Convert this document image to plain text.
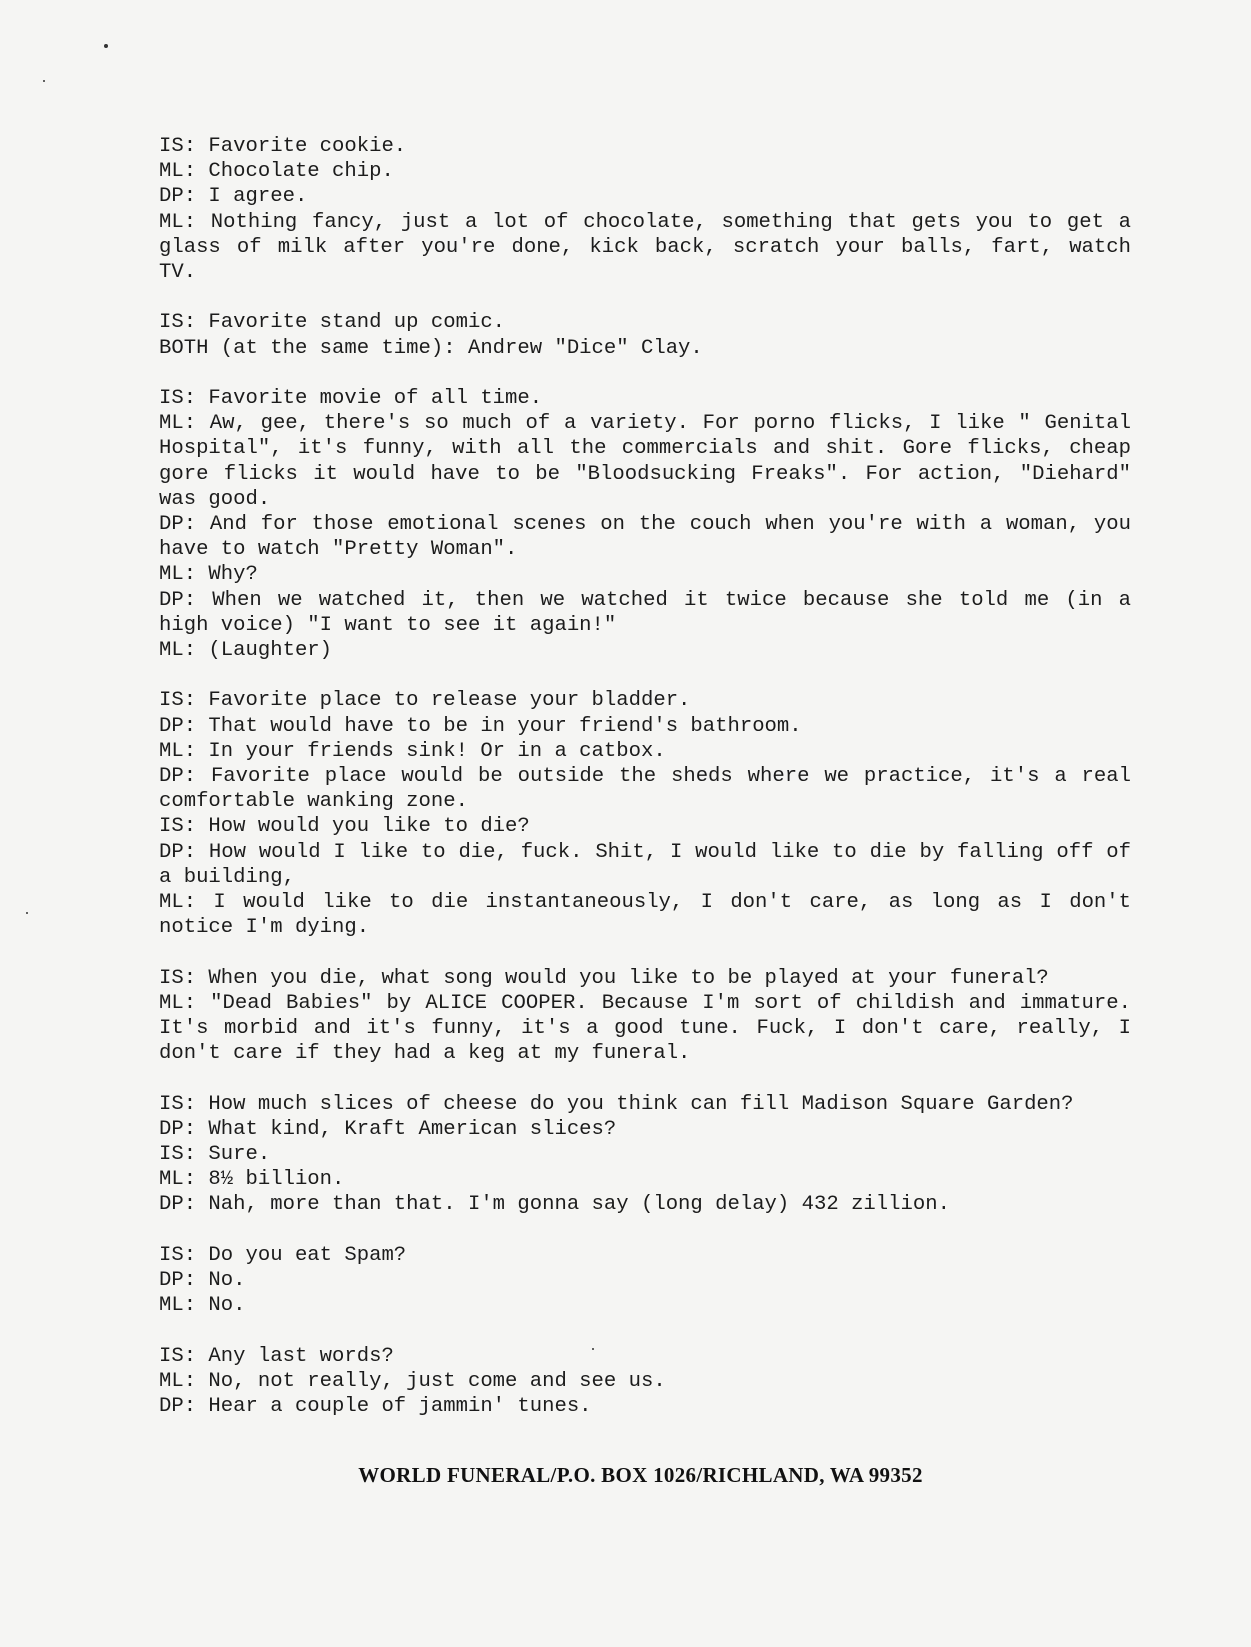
IS: Favorite cookie.
ML: Chocolate chip.
DP: I agree.
ML: Nothing fancy, just a lot of chocolate, something that gets you to get a glass of milk after you're done, kick back, scratch your balls, fart, watch TV.
IS: Favorite stand up comic.
BOTH (at the same time): Andrew "Dice" Clay.
IS: Favorite movie of all time.
ML: Aw, gee, there's so much of a variety. For porno flicks, I like " Genital Hospital", it's funny, with all the commercials and shit. Gore flicks, cheap gore flicks it would have to be "Bloodsucking Freaks". For action, "Diehard" was good.
DP: And for those emotional scenes on the couch when you're with a woman, you have to watch "Pretty Woman".
ML: Why?
DP: When we watched it, then we watched it twice because she told me (in a high voice) "I want to see it again!"
ML: (Laughter)
IS: Favorite place to release your bladder.
DP: That would have to be in your friend's bathroom.
ML: In your friends sink! Or in a catbox.
DP: Favorite place would be outside the sheds where we practice, it's a real comfortable wanking zone.
IS: How would you like to die?
DP: How would I like to die, fuck. Shit, I would like to die by falling off of a building,
ML: I would like to die instantaneously, I don't care, as long as I don't notice I'm dying.
IS: When you die, what song would you like to be played at your funeral?
ML: "Dead Babies" by ALICE COOPER. Because I'm sort of childish and immature. It's morbid and it's funny, it's a good tune. Fuck, I don't care, really, I don't care if they had a keg at my funeral.
IS: How much slices of cheese do you think can fill Madison Square Garden?
DP: What kind, Kraft American slices?
IS: Sure.
ML: 8½ billion.
DP: Nah, more than that. I'm gonna say (long delay) 432 zillion.
IS: Do you eat Spam?
DP: No.
ML: No.
IS: Any last words?
ML: No, not really, just come and see us.
DP: Hear a couple of jammin' tunes.
WORLD FUNERAL/P.O. BOX 1026/RICHLAND, WA 99352
